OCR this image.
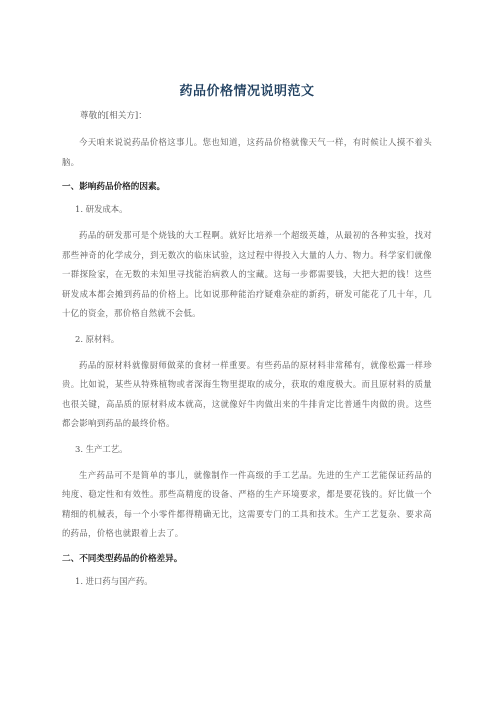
药品价格情况说明范文

尊敬的[相关方]：

今天咱来说说药品价格这事儿。您也知道，这药品价格就像天气一样，有时候让人摸不着头脑。

一、影响药品价格的因素。
1. 研发成本。

药品的研发那可是个烧钱的大工程啊。就好比培养一个超级英雄，从最初的各种实验，找对那些神奇的化学成分，到无数次的临床试验，这过程中得投入大量的人力、物力。科学家们就像一群探险家，在无数的未知里寻找能治病救人的宝藏。这每一步都需要钱，大把大把的钱！这些研发成本都会摊到药品的价格上。比如说那种能治疗疑难杂症的新药，研发可能花了几十年，几十亿的资金，那价格自然就不会低。

2. 原材料。

药品的原材料就像厨师做菜的食材一样重要。有些药品的原材料非常稀有，就像松露一样珍贵。比如说，某些从特殊植物或者深海生物里提取的成分，获取的难度极大。而且原材料的质量也很关键，高品质的原材料成本就高，这就像好牛肉做出来的牛排肯定比普通牛肉做的贵。这些都会影响到药品的最终价格。

3. 生产工艺。

生产药品可不是简单的事儿，就像制作一件高级的手工艺品。先进的生产工艺能保证药品的纯度、稳定性和有效性。那些高精度的设备、严格的生产环境要求，都是要花钱的。好比做一个精细的机械表，每一个小零件都得精确无比，这需要专门的工具和技术。生产工艺复杂、要求高的药品，价格也就跟着上去了。

二、不同类型药品的价格差异。
1. 进口药与国产药。
